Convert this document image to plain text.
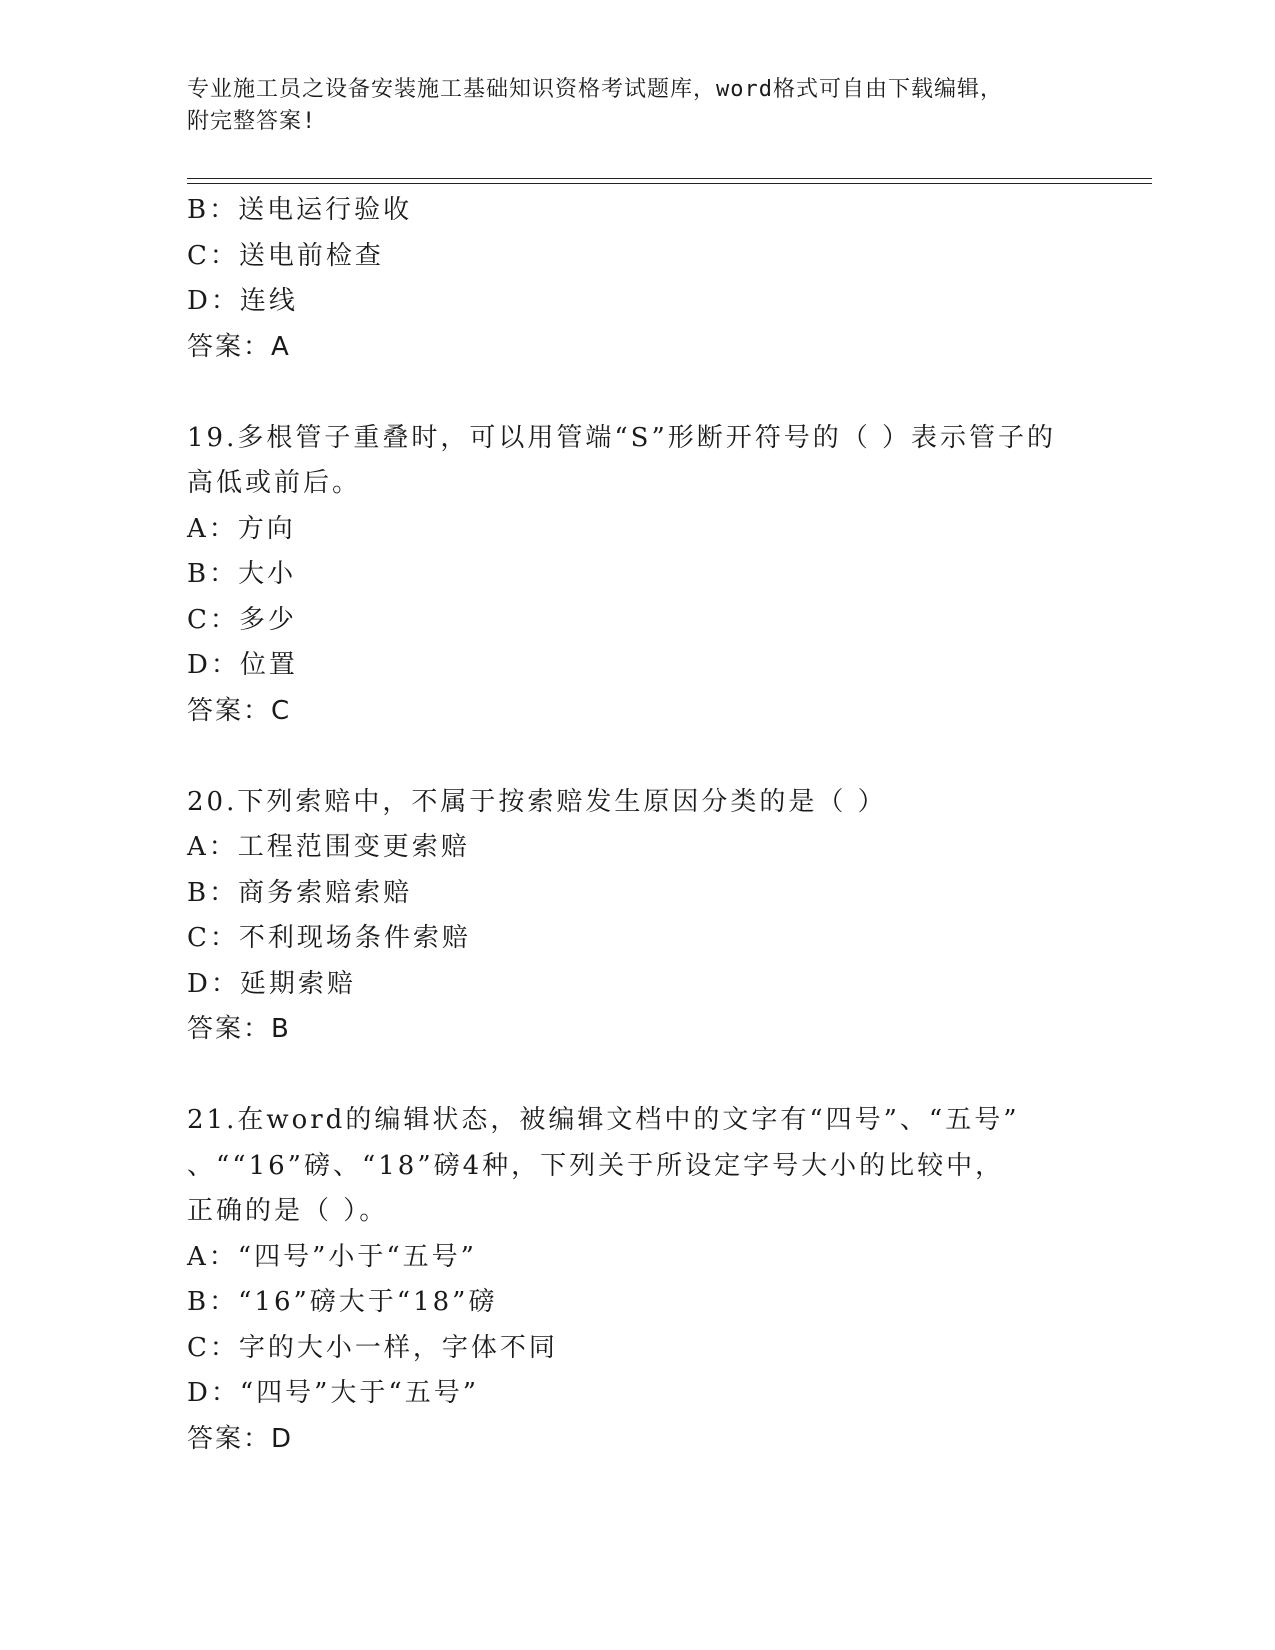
专业施工员之设备安装施工基础知识资格考试题库，word格式可自由下载编辑，
附完整答案!
B：送电运行验收
C：送电前检查
D：连线
答案：A
19.多根管子重叠时，可以用管端“S”形断开符号的（ ）表示管子的
高低或前后。
A：方向
B：大小
C：多少
D：位置
答案：C
20.下列索赔中，不属于按索赔发生原因分类的是（ ）
A：工程范围变更索赔
B：商务索赔索赔
C：不利现场条件索赔
D：延期索赔
答案：B
21.在word的编辑状态，被编辑文档中的文字有“四号”、“五号”
、““16”磅、“18”磅4种，下列关于所设定字号大小的比较中，
正确的是（ ）。
A：“四号”小于“五号”
B：“16”磅大于“18”磅
C：字的大小一样，字体不同
D：“四号”大于“五号”
答案：D
